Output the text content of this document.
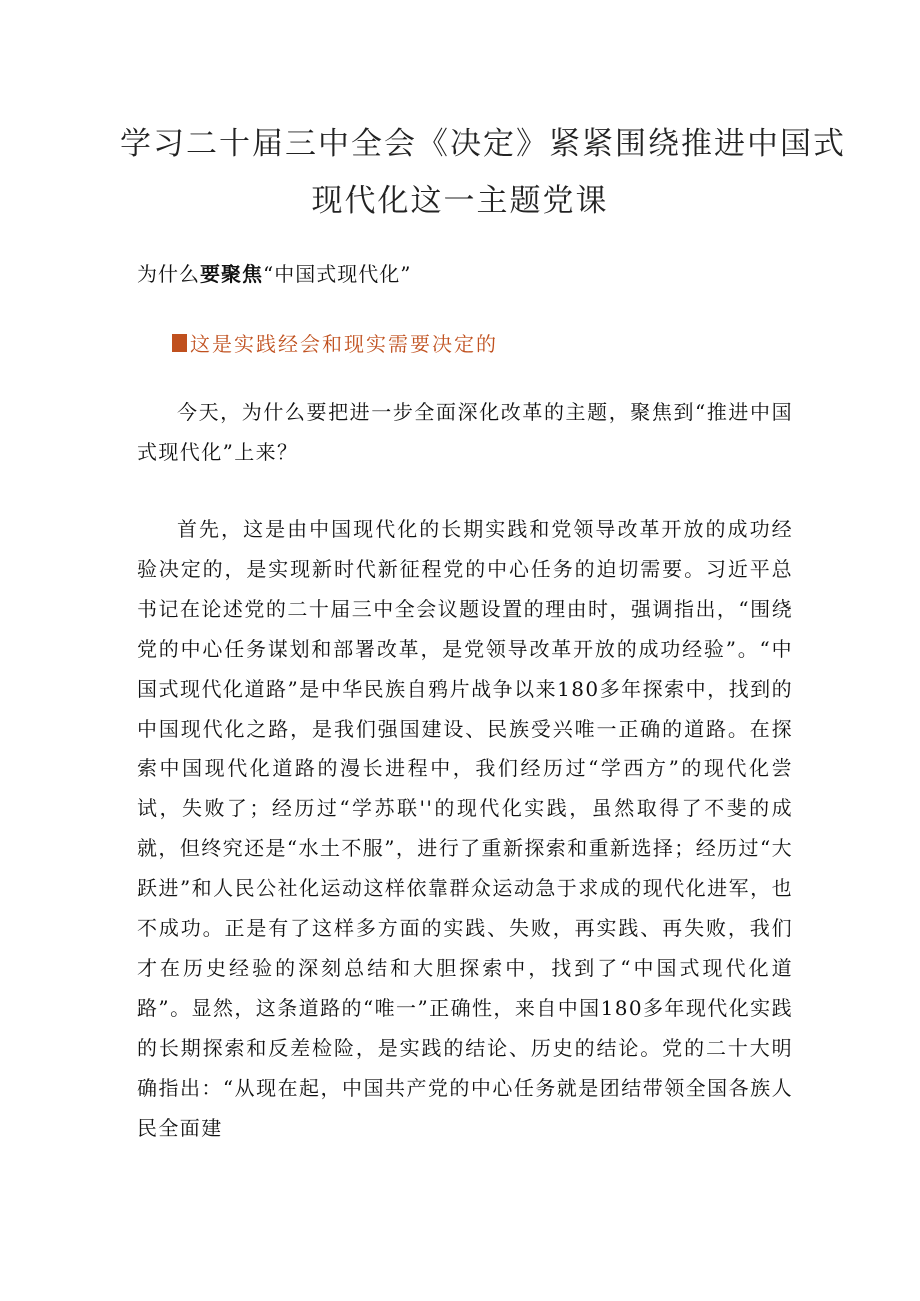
学习二十届三中全会《决定》紧紧围绕推进中国式
现代化这一主题党课
为什么要聚焦“中国式现代化”
这是实践经会和现实需要决定的

今天，为什么要把进一步全面深化改革的主题，聚焦到“推进中国式现代化”上来？

首先，这是由中国现代化的长期实践和党领导改革开放的成功经验决定的，是实现新时代新征程党的中心任务的迫切需要。习近平总书记在论述党的二十届三中全会议题设置的理由时，强调指出，“围绕党的中心任务谋划和部署改革，是党领导改革开放的成功经验”。“中国式现代化道路”是中华民族自鸦片战争以来180多年探索中，找到的中国现代化之路，是我们强国建设、民族受兴唯一正确的道路。在探索中国现代化道路的漫长进程中，我们经历过“学西方”的现代化尝试，失败了；经历过“学苏联''的现代化实践，虽然取得了不斐的成就，但终究还是“水土不服”，进行了重新探索和重新选择；经历过“大跃进”和人民公社化运动这样依靠群众运动急于求成的现代化进军，也不成功。正是有了这样多方面的实践、失败，再实践、再失败，我们才在历史经验的深刻总结和大胆探索中，找到了“中国式现代化道路”。显然，这条道路的“唯一”正确性，来自中国180多年现代化实践的长期探索和反差检险，是实践的结论、历史的结论。党的二十大明确指出：“从现在起，中国共产党的中心任务就是团结带领全国各族人民全面建
